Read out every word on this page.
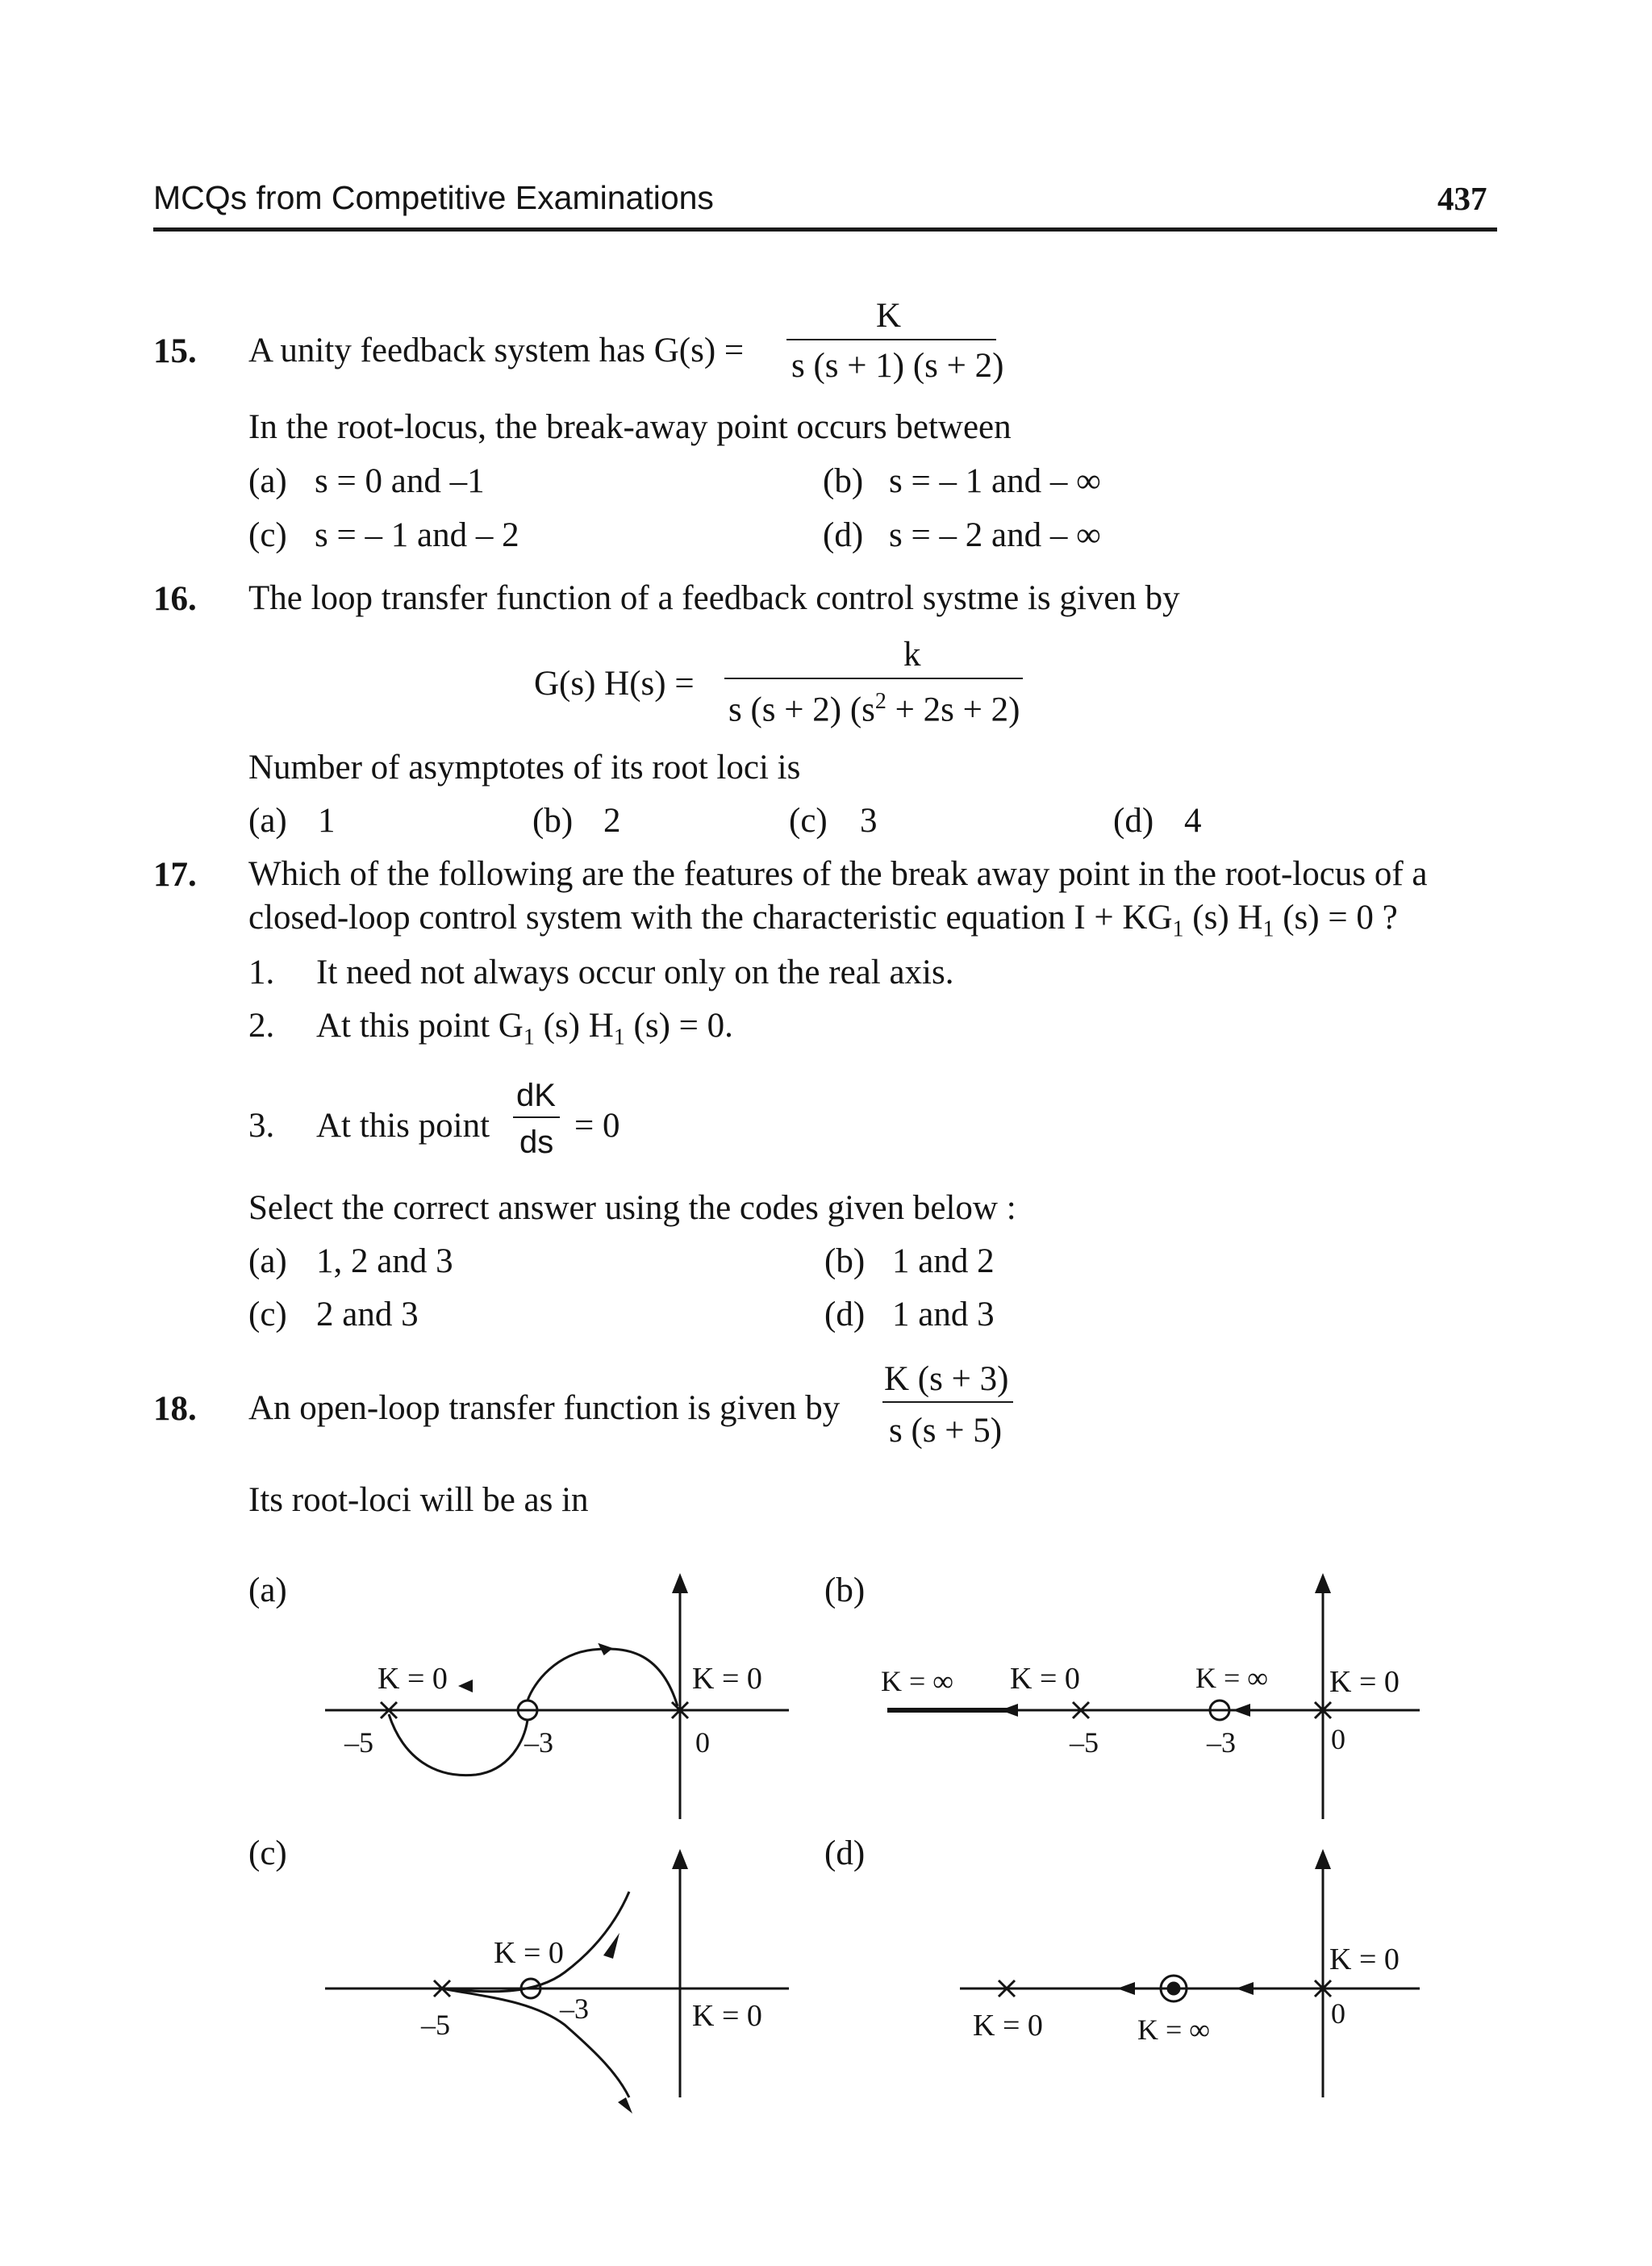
MCQs from Competitive Examinations	437
15. A unity feedback system has G(s) =
K
s (s + 1) (s + 2)
In the root-locus, the break-away point occurs between
(a) s = 0 and –1	(b) s = – 1 and – ∞
(c) s = – 1 and – 2	(d) s = – 2 and – ∞
16. The loop transfer function of a feedback control systme is given by
G(s) H(s) =
k
s (s + 2) $(s^2 + 2s + 2)$
Number of asymptotes of its root loci is
(a) 1	(b) 2	(c) 3	(d) 4
17. Which of the following are the features of the break away point in the root-locus of a
closed-loop control system with the characteristic equation $I + KG_1$ (s) $H_1$ (s) = 0 ?
1. It need not always occur only on the real axis.
2. At this point $G_1$ (s) $H_1$ (s) = 0.
3. At this point
dK
ds = 0
Select the correct answer using the codes given below :
(a) 1, 2 and 3	(b) 1 and 2
(c) 2 and 3	(d) 1 and 3
18. An open-loop transfer function is given by
K (s + 3)
s (s + 5)
Its root-loci will be as in
(a)
K = 0	K = 0
–5	–3	0
(b)
K = ∞ K = 0	K = ∞ K = 0
–5	–3	0
(c)
K = 0
K = 0
–5	–3
(d)
K = 0
0
K = 0	K = ∞
